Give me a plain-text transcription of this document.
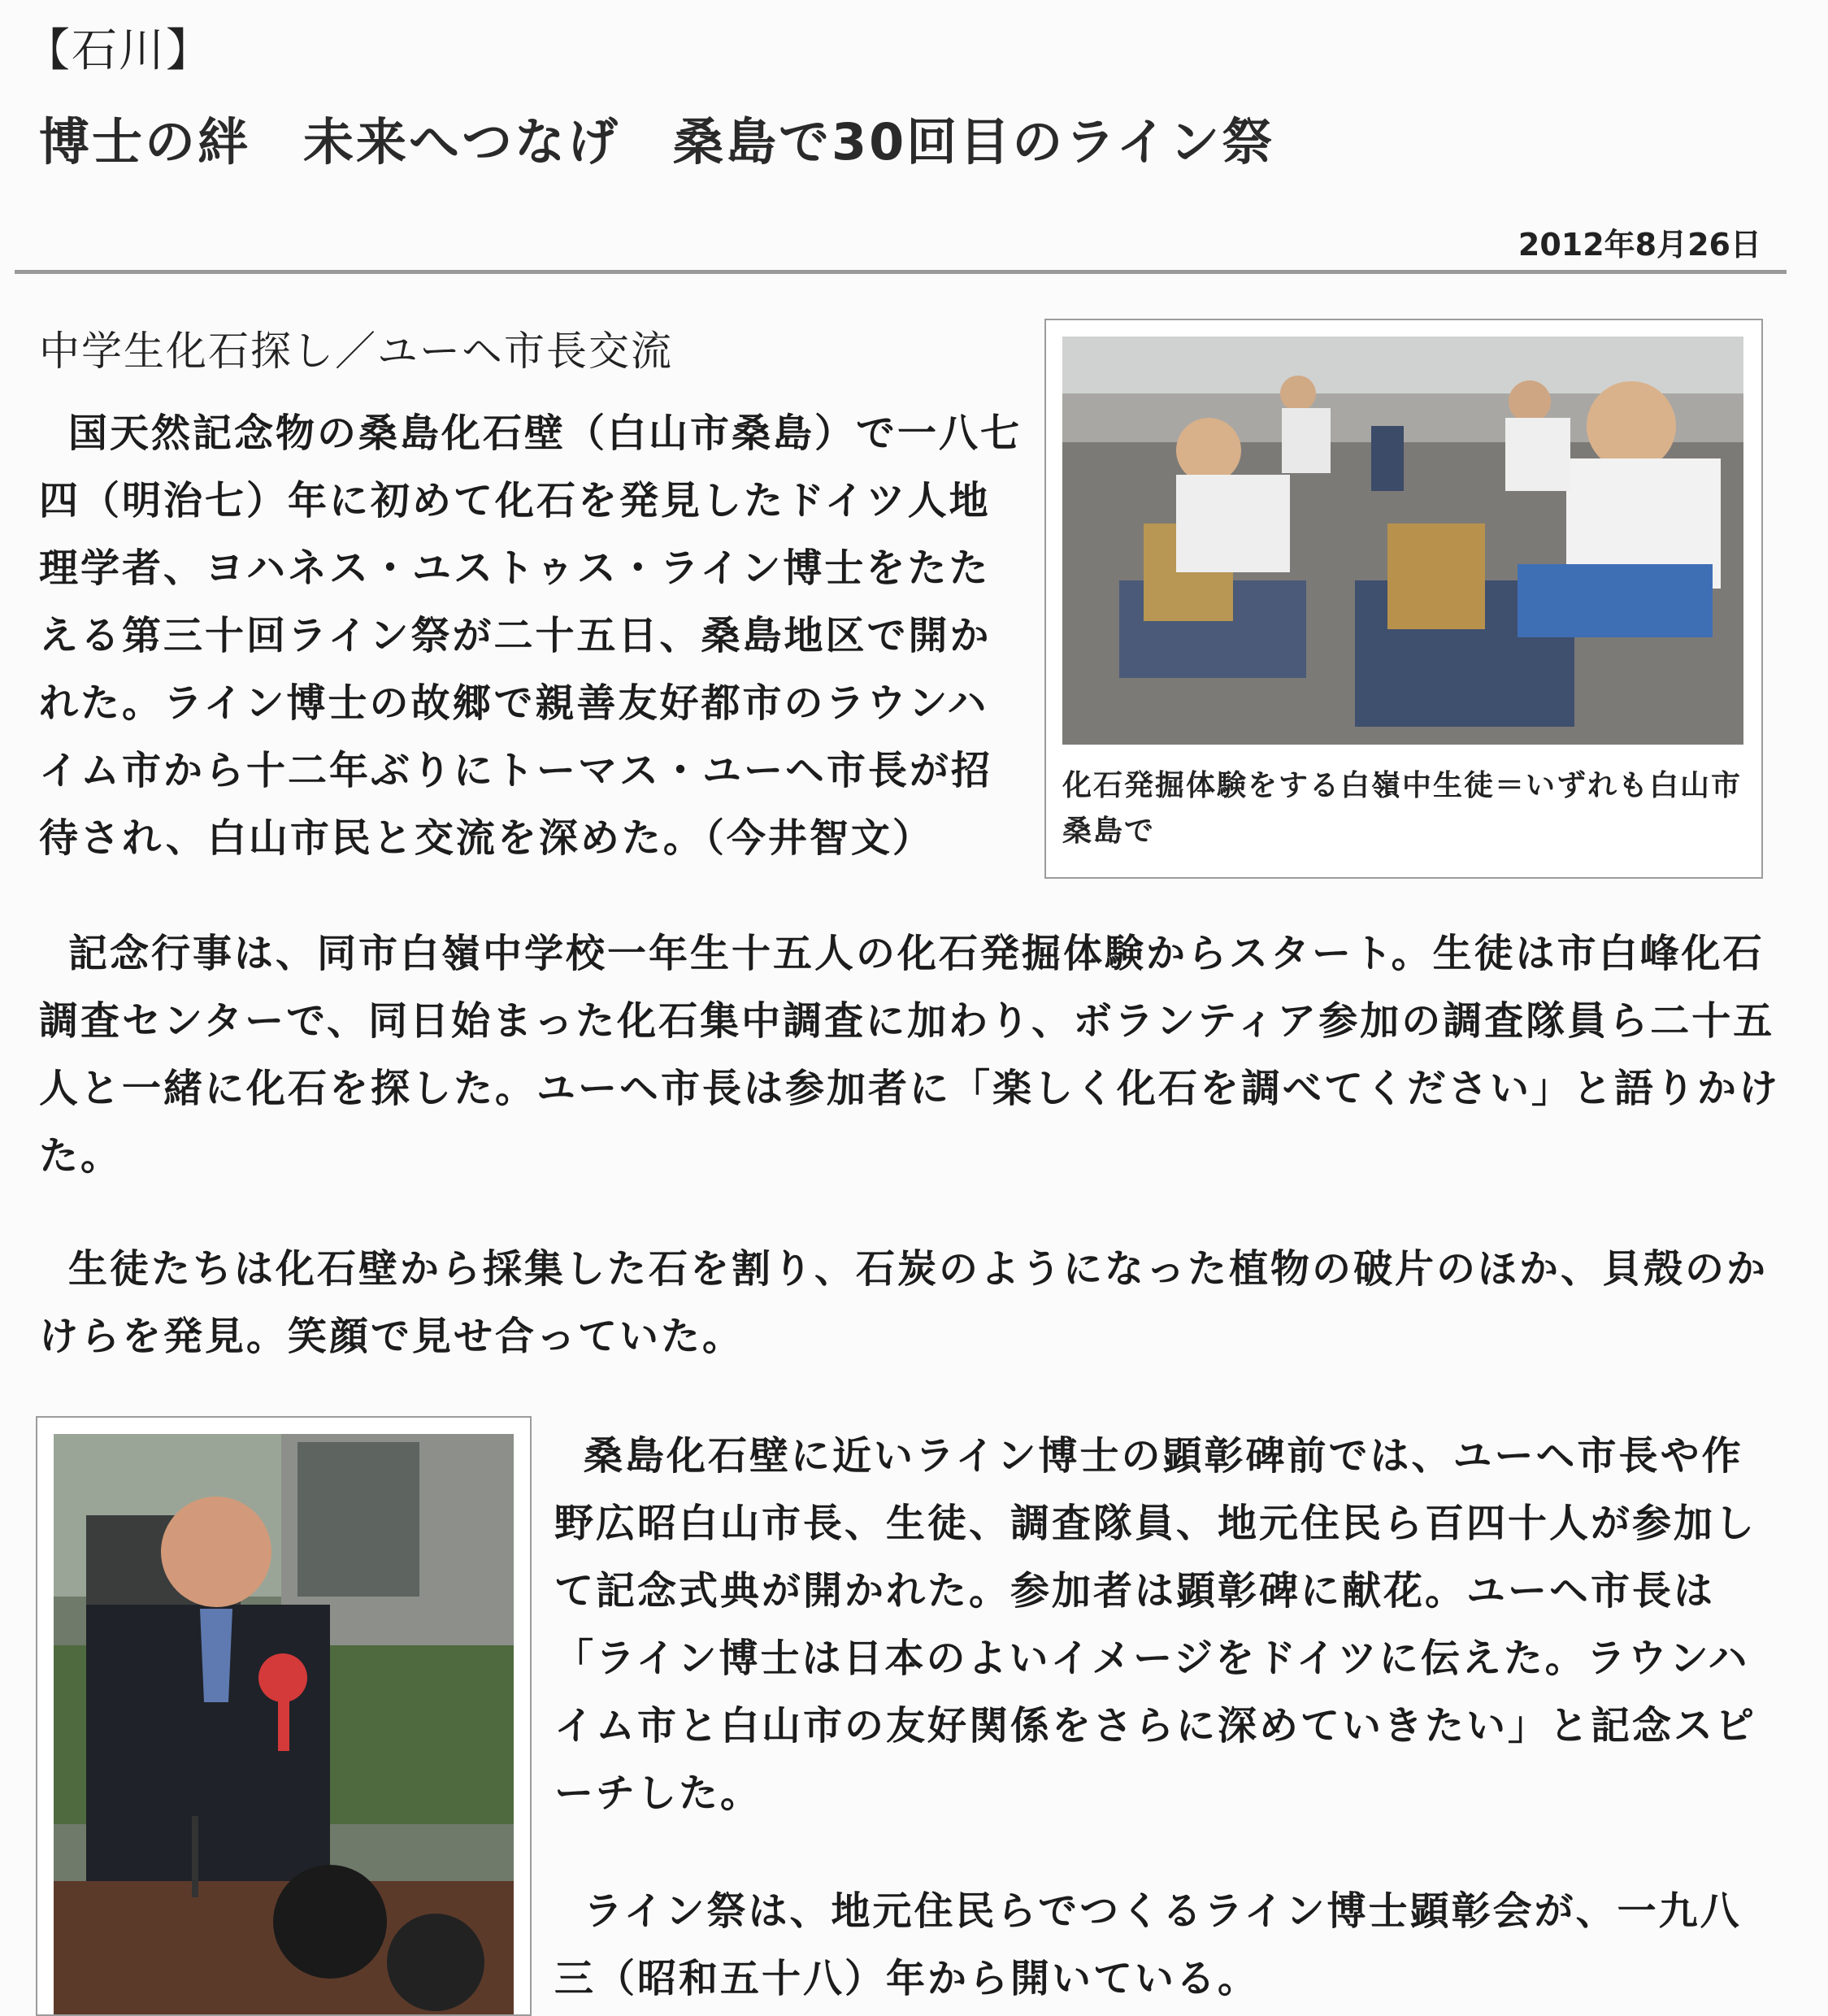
【石川】
博士の絆　未来へつなげ　桑島で30回目のライン祭
2012年8月26日
中学生化石探し／ユーヘ市長交流

国天然記念物の桑島化石壁（白山市桑島）で一八七四（明治七）年に初めて化石を発見したドイツ人地理学者、ヨハネス・ユストゥス・ライン博士をたたえる第三十回ライン祭が二十五日、桑島地区で開かれた。ライン博士の故郷で親善友好都市のラウンハイム市から十二年ぶりにトーマス・ユーヘ市長が招待され、白山市民と交流を深めた。（今井智文）

化石発掘体験をする白嶺中生徒＝いずれも白山市桑島で

記念行事は、同市白嶺中学校一年生十五人の化石発掘体験からスタート。生徒は市白峰化石調査センターで、同日始まった化石集中調査に加わり、ボランティア参加の調査隊員ら二十五人と一緒に化石を探した。ユーヘ市長は参加者に「楽しく化石を調べてください」と語りかけた。

生徒たちは化石壁から採集した石を割り、石炭のようになった植物の破片のほか、貝殻のかけらを発見。笑顔で見せ合っていた。

桑島化石壁に近いライン博士の顕彰碑前では、ユーヘ市長や作野広昭白山市長、生徒、調査隊員、地元住民ら百四十人が参加して記念式典が開かれた。参加者は顕彰碑に献花。ユーヘ市長は「ライン博士は日本のよいイメージをドイツに伝えた。ラウンハイム市と白山市の友好関係をさらに深めていきたい」と記念スピーチした。

ライン祭は、地元住民らでつくるライン博士顕彰会が、一九八三（昭和五十八）年から開いている。
